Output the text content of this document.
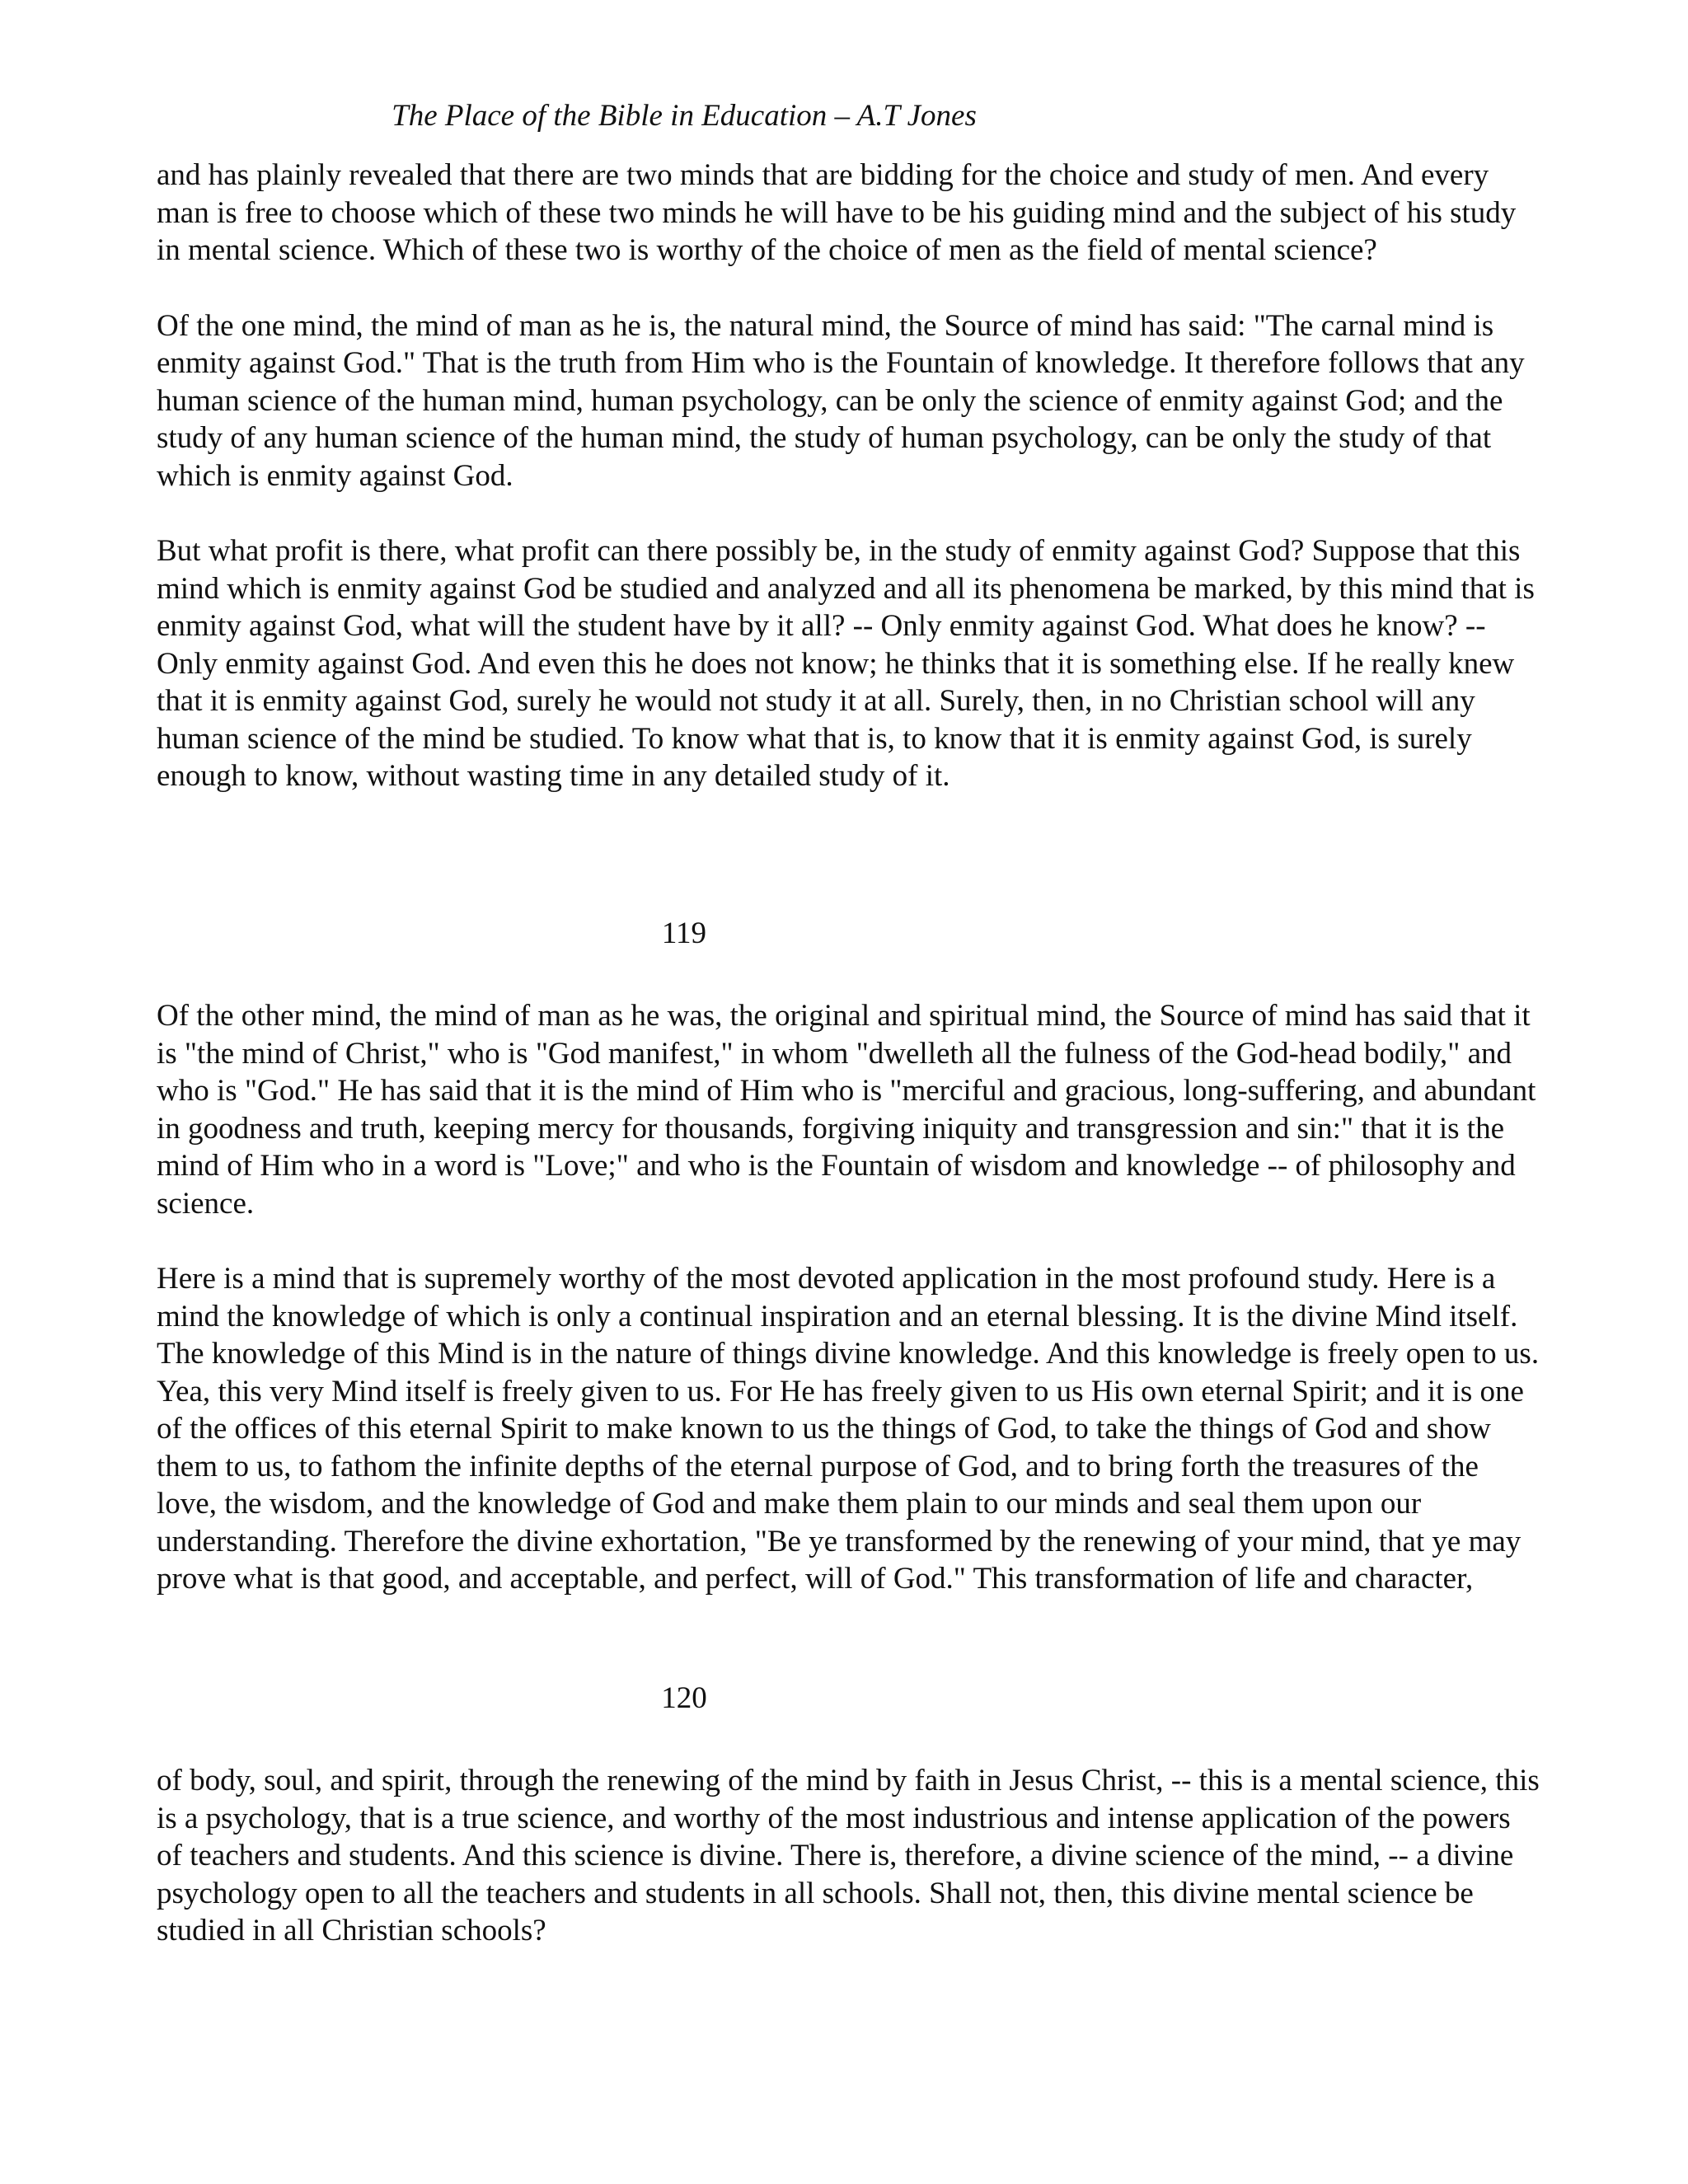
The Place of the Bible in Education – A.T Jones

and has plainly revealed that there are two minds that are bidding for the choice and study of men. And every man is free to choose which of these two minds he will have to be his guiding mind and the subject of his study in mental science. Which of these two is worthy of the choice of men as the field of mental science?

Of the one mind, the mind of man as he is, the natural mind, the Source of mind has said: "The carnal mind is enmity against God." That is the truth from Him who is the Fountain of knowledge. It therefore follows that any human science of the human mind, human psychology, can be only the science of enmity against God; and the study of any human science of the human mind, the study of human psychology, can be only the study of that which is enmity against God.

But what profit is there, what profit can there possibly be, in the study of enmity against God? Suppose that this mind which is enmity against God be studied and analyzed and all its phenomena be marked, by this mind that is enmity against God, what will the student have by it all? -- Only enmity against God. What does he know? -- Only enmity against God. And even this he does not know; he thinks that it is something else. If he really knew that it is enmity against God, surely he would not study it at all. Surely, then, in no Christian school will any human science of the mind be studied. To know what that is, to know that it is enmity against God, is surely enough to know, without wasting time in any detailed study of it.

119

Of the other mind, the mind of man as he was, the original and spiritual mind, the Source of mind has said that it is "the mind of Christ," who is "God manifest," in whom "dwelleth all the fulness of the God-head bodily," and who is "God." He has said that it is the mind of Him who is "merciful and gracious, long-suffering, and abundant in goodness and truth, keeping mercy for thousands, forgiving iniquity and transgression and sin:" that it is the mind of Him who in a word is "Love;" and who is the Fountain of wisdom and knowledge -- of philosophy and science.

Here is a mind that is supremely worthy of the most devoted application in the most profound study. Here is a mind the knowledge of which is only a continual inspiration and an eternal blessing. It is the divine Mind itself. The knowledge of this Mind is in the nature of things divine knowledge. And this knowledge is freely open to us. Yea, this very Mind itself is freely given to us. For He has freely given to us His own eternal Spirit; and it is one of the offices of this eternal Spirit to make known to us the things of God, to take the things of God and show them to us, to fathom the infinite depths of the eternal purpose of God, and to bring forth the treasures of the love, the wisdom, and the knowledge of God and make them plain to our minds and seal them upon our understanding. Therefore the divine exhortation, "Be ye transformed by the renewing of your mind, that ye may prove what is that good, and acceptable, and perfect, will of God." This transformation of life and character,

120

of body, soul, and spirit, through the renewing of the mind by faith in Jesus Christ, -- this is a mental science, this is a psychology, that is a true science, and worthy of the most industrious and intense application of the powers of teachers and students. And this science is divine. There is, therefore, a divine science of the mind, -- a divine psychology open to all the teachers and students in all schools. Shall not, then, this divine mental science be studied in all Christian schools?
